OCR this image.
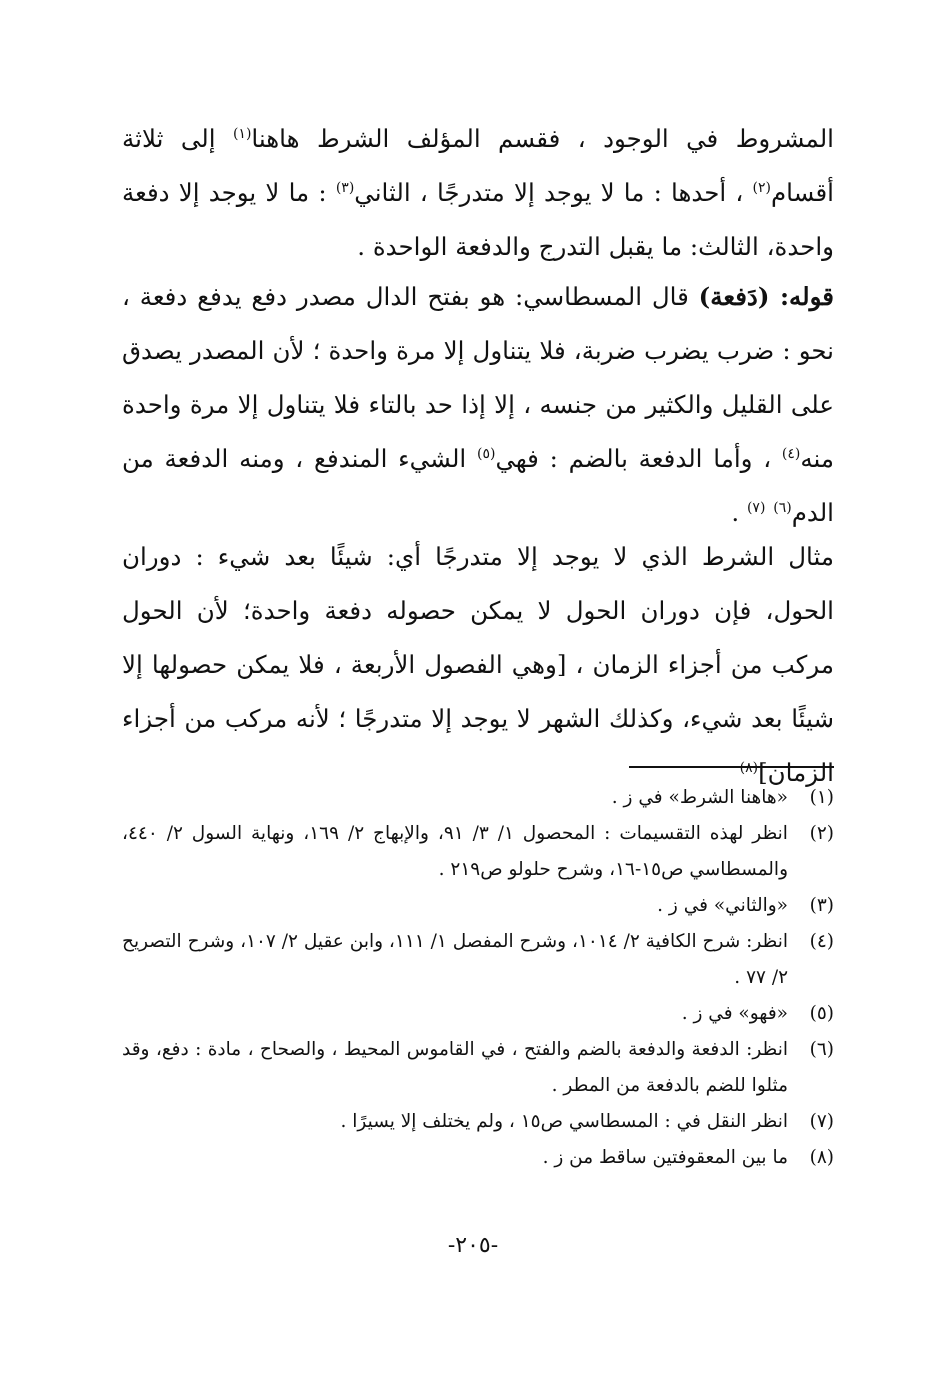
المشروط في الوجود ، فقسم المؤلف الشرط هاهنا$^{(١)}$ إلى ثلاثة أقسام$^{(٢)}$ ، أحدها : ما لا يوجد إلا متدرجًا ، الثاني$^{(٣)}$ : ما لا يوجد إلا دفعة واحدة، الثالث: ما يقبل التدرج والدفعة الواحدة .
قوله: (دَفعة) قال المسطاسي: هو بفتح الدال مصدر دفع يدفع دفعة ، نحو : ضرب يضرب ضربة، فلا يتناول إلا مرة واحدة ؛ لأن المصدر يصدق على القليل والكثير من جنسه ، إلا إذا حد بالتاء فلا يتناول إلا مرة واحدة منه$^{(٤)}$ ، وأما الدفعة بالضم : فهي$^{(٥)}$ الشيء المندفع ، ومنه الدفعة من الدم$^{(٦)}$ $^{(٧)}$ .
مثال الشرط الذي لا يوجد إلا متدرجًا أي: شيئًا بعد شيء : دوران الحول، فإن دوران الحول لا يمكن حصوله دفعة واحدة؛ لأن الحول مركب من أجزاء الزمان ، [وهي الفصول الأربعة ، فلا يمكن حصولها إلا شيئًا بعد شيء، وكذلك الشهر لا يوجد إلا متدرجًا ؛ لأنه مركب من أجزاء الزمان]$^{(٨)}$
(١)
«هاهنا الشرط» في ز .
(٢)
انظر لهذه التقسيمات : المحصول ١/ ٣/ ٩١، والإبهاج ٢/ ١٦٩، ونهاية السول ٢/ ٤٤٠، والمسطاسي ص١٥-١٦، وشرح حلولو ص٢١٩ .
(٣)
«والثاني» في ز .
(٤)
انظر: شرح الكافية ٢/ ١٠١٤، وشرح المفصل ١/ ١١١، وابن عقيل ٢/ ١٠٧، وشرح التصريح ٢/ ٧٧ .
(٥)
«فهو» في ز .
(٦)
انظر: الدفعة والدفعة بالضم والفتح ، في القاموس المحيط ، والصحاح ، مادة : دفع، وقد مثلوا للضم بالدفعة من المطر .
(٧)
انظر النقل في : المسطاسي ص١٥ ، ولم يختلف إلا يسيرًا .
(٨)
ما بين المعقوفتين ساقط من ز .
-٢٠٥-
